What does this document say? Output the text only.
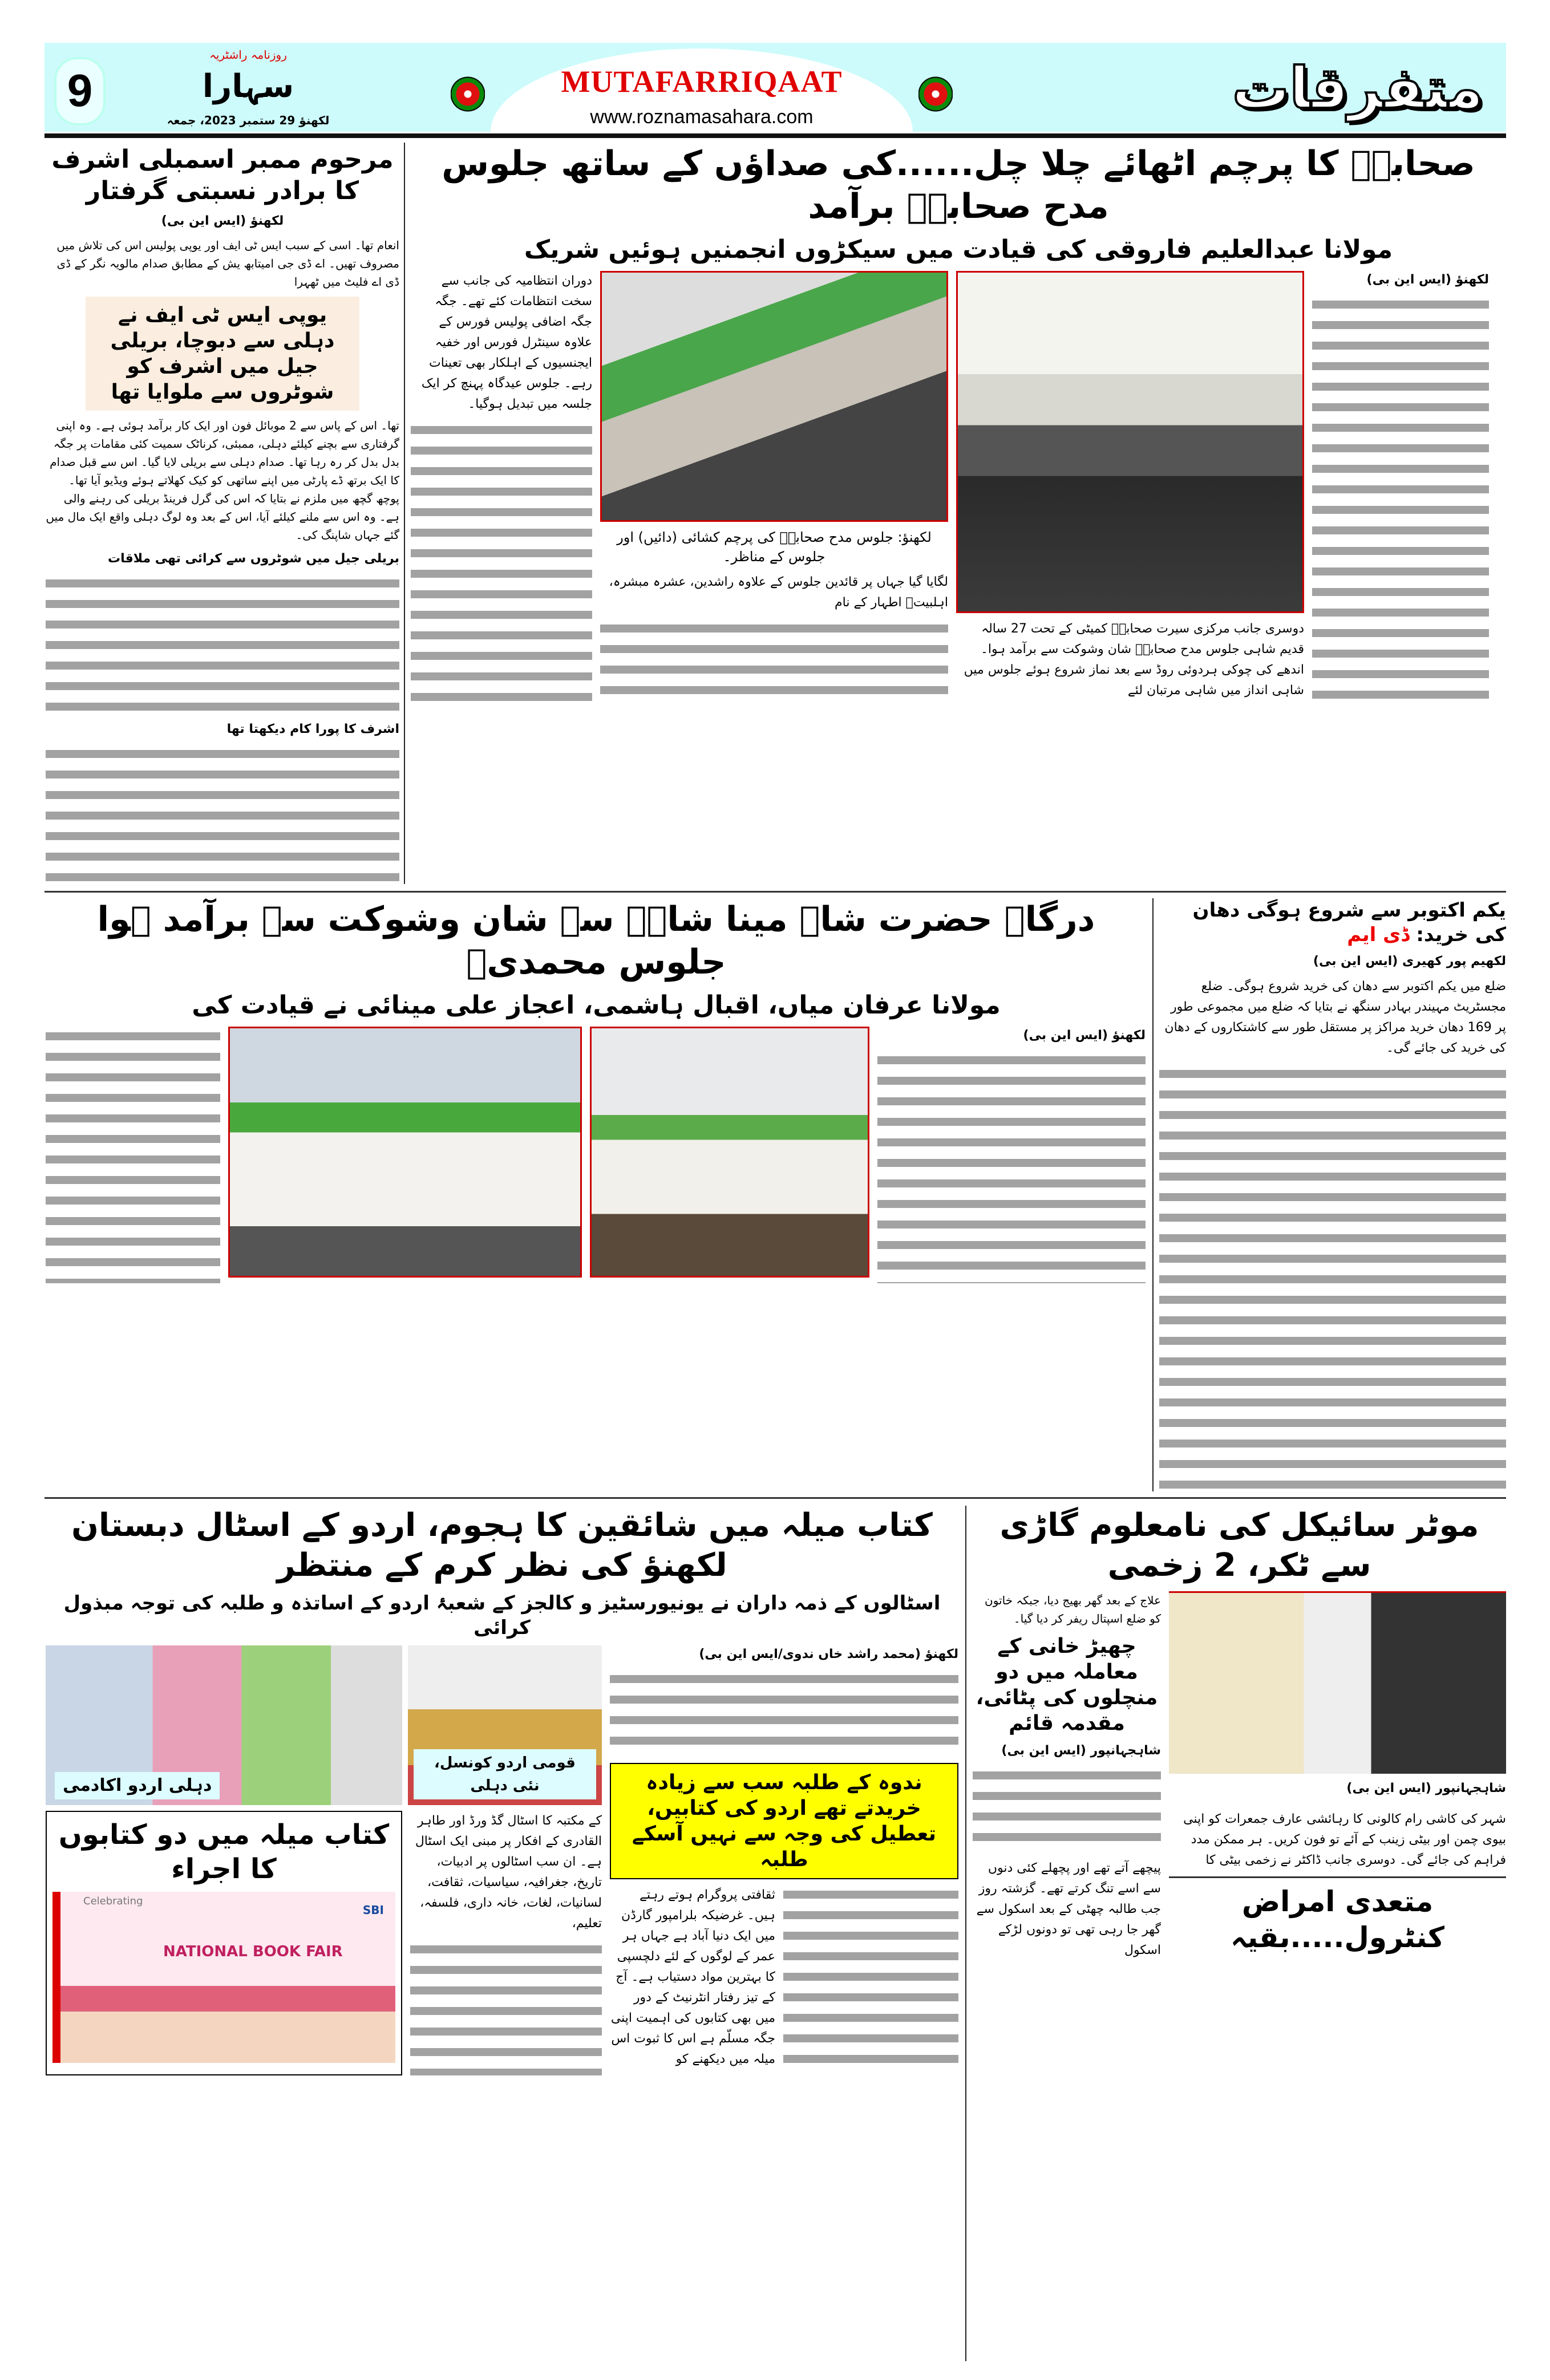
MUTAFARRIQAAT
www.roznamasahara.com
9
روزنامہ راشٹریہ
سہارا
لکھنؤ 29 ستمبر 2023، جمعہ	متفرقات
مرحوم ممبر اسمبلی اشرف کا برادر نسبتی گرفتار
لکھنؤ (ایس این بی)
انعام تھا۔ اسی کے سبب ایس ٹی ایف اور یوپی پولیس اس کی تلاش میں مصروف تھیں۔ اے ڈی جی امیتابھ یش کے مطابق صدام مالویہ نگر کے ڈی ڈی اے فلیٹ میں ٹھہرا
یوپی ایس ٹی ایف نے دہلی سے دبوچا، بریلی جیل میں اشرف کو شوٹروں سے ملوایا تھا
تھا۔ اس کے پاس سے 2 موبائل فون اور ایک کار برآمد ہوئی ہے۔ وہ اپنی گرفتاری سے بچنے کیلئے دہلی، ممبئی، کرناٹک سمیت کئی مقامات پر جگہ بدل بدل کر رہ رہا تھا۔ صدام دہلی سے بریلی لایا گیا۔ اس سے قبل صدام کا ایک برتھ ڈے پارٹی میں اپنے ساتھی کو کیک کھلاتے ہوئے ویڈیو آیا تھا۔ پوچھ گچھ میں ملزم نے بتایا کہ اس کی گرل فرینڈ بریلی کی رہنے والی ہے۔ وہ اس سے ملنے کیلئے آیا، اس کے بعد وہ لوگ دہلی واقع ایک مال میں گئے جہاں شاپنگ کی۔
بریلی جیل میں شوٹروں سے کرائی تھی ملاقات
اشرف کا پورا کام دیکھتا تھا
صحابہؓ کا پرچم اٹھائے چلا چل......کی صداؤں کے ساتھ جلوس مدح صحابہؓ برآمد
مولانا عبدالعلیم فاروقی کی قیادت میں سیکڑوں انجمنیں ہوئیں شریک
دوران انتظامیہ کی جانب سے سخت انتظامات کئے تھے۔ جگہ جگہ اضافی پولیس فورس کے علاوہ سینٹرل فورس اور خفیہ ایجنسیوں کے اہلکار بھی تعینات رہے۔ جلوس عیدگاہ پہنچ کر ایک جلسہ میں تبدیل ہوگیا۔
لکھنؤ: جلوس مدح صحابہؓ کی پرچم کشائی (دائیں) اور جلوس کے مناظر۔
لگایا گیا جہاں پر قائدین جلوس کے علاوہ راشدین، عشرہ مبشرہ، اہلبیتؓ اطہار کے نام
دوسری جانب مرکزی سیرت صحابہؓ کمیٹی کے تحت 27 سالہ قدیم شاہی جلوس مدح صحابہؓ شان وشوکت سے برآمد ہوا۔ اندھے کی چوکی ہردوئی روڈ سے بعد نماز شروع ہوئے جلوس میں شاہی انداز میں شاہی مرتبان لئے
لکھنؤ (ایس این بی)
یکم اکتوبر سے شروع ہوگی دھان کی خرید: ڈی ایم
لکھیم پور کھیری (ایس این بی)
ضلع میں یکم اکتوبر سے دھان کی خرید شروع ہوگی۔ ضلع مجسٹریٹ مہیندر بہادر سنگھ نے بتایا کہ ضلع میں مجموعی طور پر 169 دھان خرید مراکز پر مستقل طور سے کاشتکاروں کے دھان کی خرید کی جائے گی۔
درگاہ حضرت شاہ مینا شاہؒ سے شان وشوکت سے برآمد ہوا جلوس محمدیؐ
مولانا عرفان میاں، اقبال ہاشمی، اعجاز علی مینائی نے قیادت کی
لکھنؤ (ایس این بی)
موٹر سائیکل کی نامعلوم گاڑی سے ٹکر، 2 زخمی
علاج کے بعد گھر بھیج دیا، جبکہ خاتون کو ضلع اسپتال ریفر کر دیا گیا۔
چھیڑ خانی کے معاملہ میں دو منچلوں کی پٹائی، مقدمہ قائم
شاہجہانپور (ایس این بی)
پیچھے آتے تھے اور پچھلے کئی دنوں سے اسے تنگ کرتے تھے۔ گزشتہ روز جب طالبہ چھٹی کے بعد اسکول سے گھر جا رہی تھی تو دونوں لڑکے اسکول
شاہجہانپور (ایس این بی)
شہر کی کاشی رام کالونی کا رہائشی عارف جمعرات کو اپنی بیوی چمن اور بیٹی زینب کے آئے تو فون کریں۔ ہر ممکن مدد فراہم کی جائے گی۔ دوسری جانب ڈاکٹر نے زخمی بیٹی کا
متعدی امراض کنٹرول.....بقیہ
کتاب میلہ میں شائقین کا ہجوم، اردو کے اسٹال دبستان لکھنؤ کی نظر کرم کے منتظر
اسٹالوں کے ذمہ داران نے یونیورسٹیز و کالجز کے شعبۂ اردو کے اساتذہ و طلبہ کی توجہ مبذول کرائی
دہلی اردو اکادمی
قومی اردو کونسل، نئی دہلی
کتاب میلہ میں دو کتابوں کا اجراء
Celebrating
NATIONAL BOOK FAIR
SBI
کے مکتبہ کا اسٹال گڈ ورڈ اور طاہر القادری کے افکار پر مبنی ایک اسٹال ہے۔ ان سب اسٹالوں پر ادبیات، تاریخ، جغرافیہ، سیاسیات، ثقافت، لسانیات، لغات، خانہ داری، فلسفہ، تعلیم،
لکھنؤ (محمد راشد خاں ندوی/ایس این بی)
ندوہ کے طلبہ سب سے زیادہ خریدتے تھے اردو کی کتابیں، تعطیل کی وجہ سے نہیں آسکے طلبہ
ثقافتی پروگرام ہوتے رہتے ہیں۔ غرضیکہ بلرامپور گارڈن میں ایک دنیا آباد ہے جہاں ہر عمر کے لوگوں کے لئے دلچسپی کا بہترین مواد دستیاب ہے۔ آج کے تیز رفتار انٹرنیٹ کے دور میں بھی کتابوں کی اہمیت اپنی جگہ مسلّم ہے اس کا ثبوت اس میلہ میں دیکھنے کو
